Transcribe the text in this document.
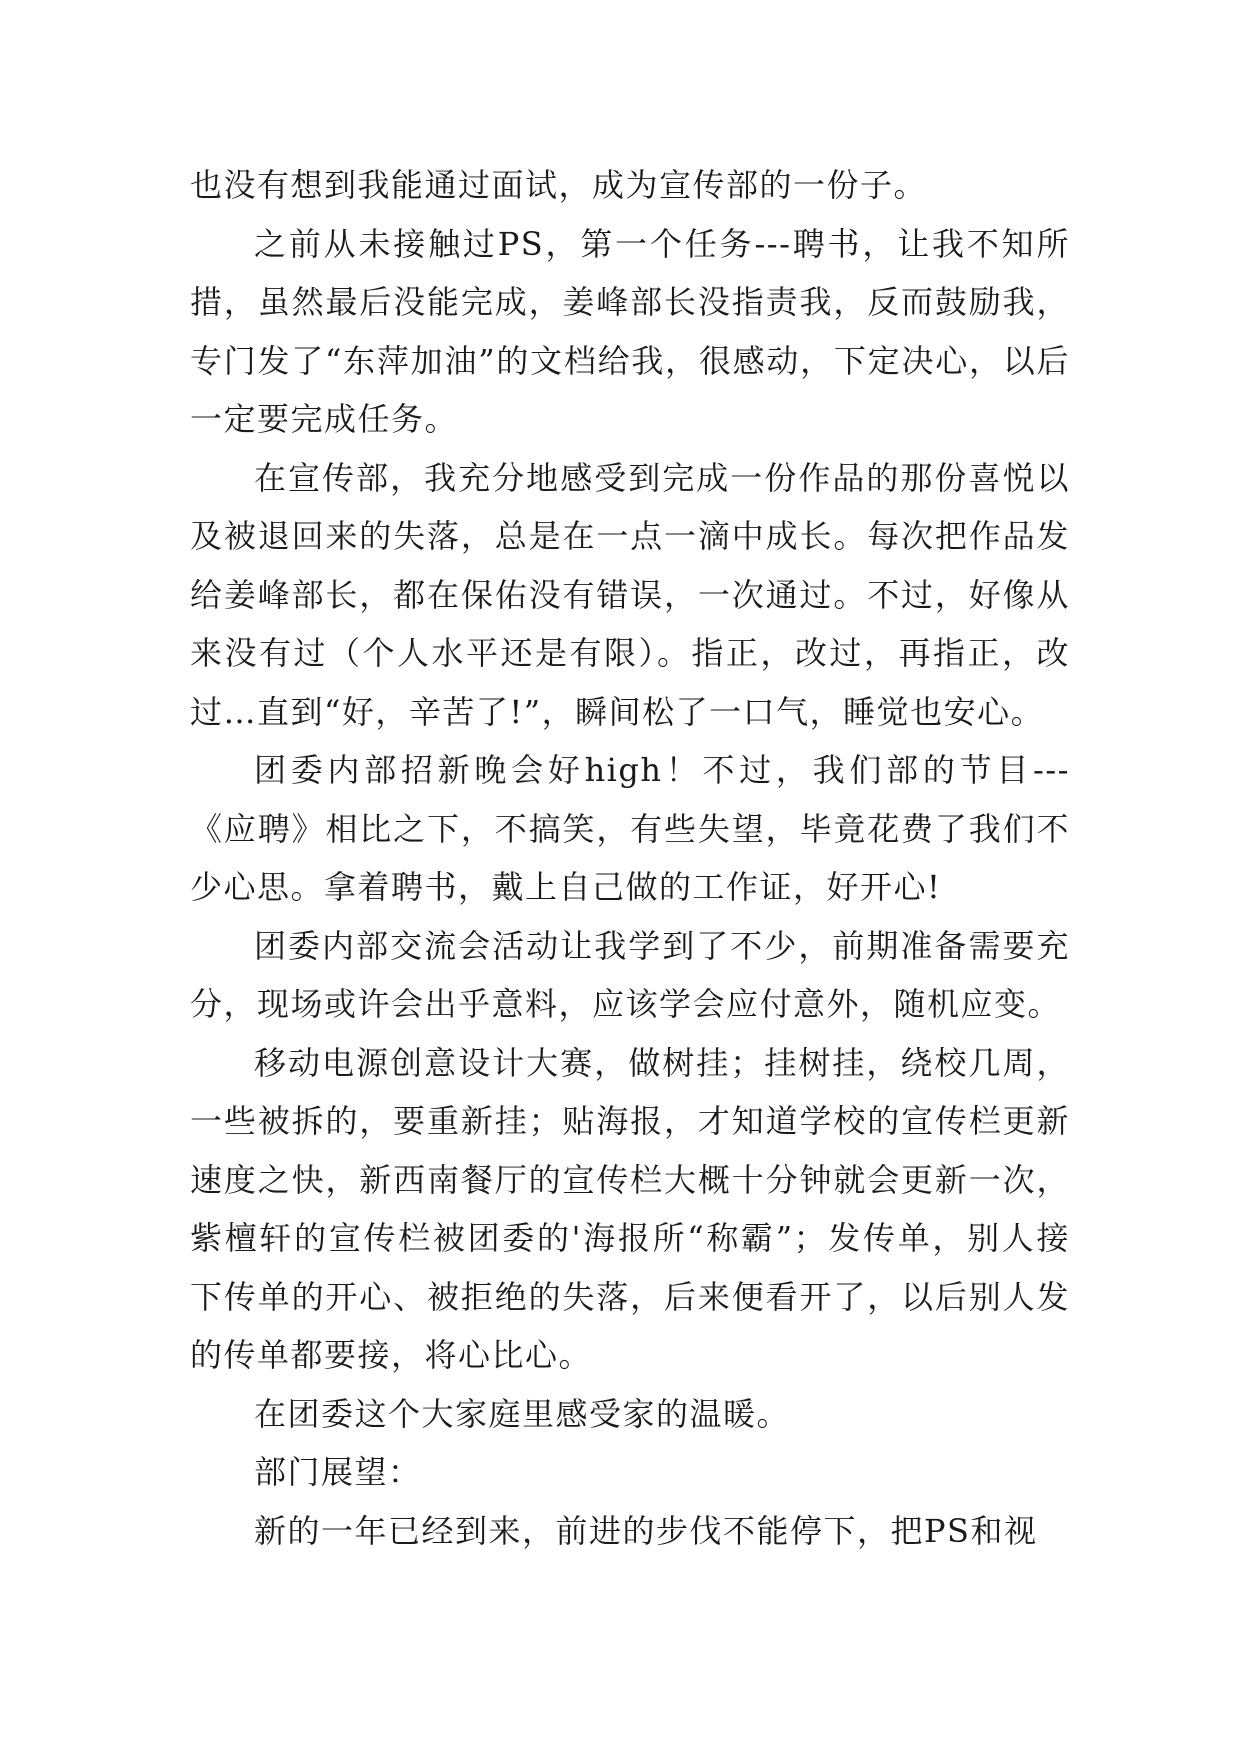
也没有想到我能通过面试，成为宣传部的一份子。

之前从未接触过PS，第一个任务---聘书，让我不知所措，虽然最后没能完成，姜峰部长没指责我，反而鼓励我，专门发了“东萍加油”的文档给我，很感动，下定决心，以后一定要完成任务。

在宣传部，我充分地感受到完成一份作品的那份喜悦以及被退回来的失落，总是在一点一滴中成长。每次把作品发给姜峰部长，都在保佑没有错误，一次通过。不过，好像从来没有过（个人水平还是有限）。指正，改过，再指正，改过…直到“好，辛苦了!”，瞬间松了一口气，睡觉也安心。

团委内部招新晚会好high！不过，我们部的节目---《应聘》相比之下，不搞笑，有些失望，毕竟花费了我们不少心思。拿着聘书，戴上自己做的工作证，好开心!

团委内部交流会活动让我学到了不少，前期准备需要充分，现场或许会出乎意料，应该学会应付意外，随机应变。

移动电源创意设计大赛，做树挂；挂树挂，绕校几周，一些被拆的，要重新挂；贴海报，才知道学校的宣传栏更新速度之快，新西南餐厅的宣传栏大概十分钟就会更新一次，紫檀轩的宣传栏被团委的'海报所“称霸”；发传单，别人接下传单的开心、被拒绝的失落，后来便看开了，以后别人发的传单都要接，将心比心。

在团委这个大家庭里感受家的温暖。

部门展望：

新的一年已经到来，前进的步伐不能停下，把PS和视
